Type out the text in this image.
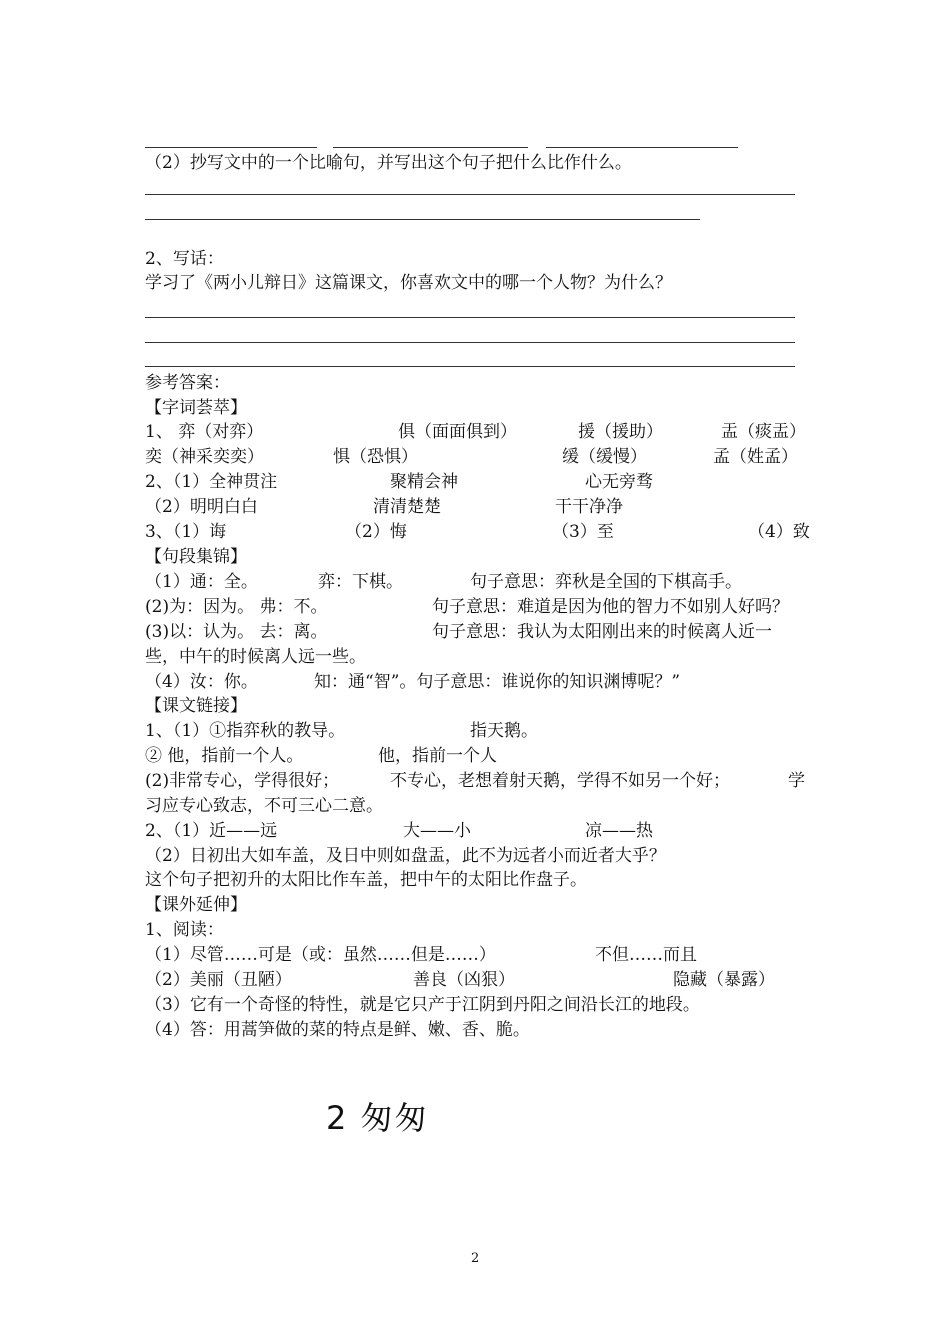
（2）抄写文中的一个比喻句，并写出这个句子把什么比作什么。
2、写话：
学习了《两小儿辩日》这篇课文，你喜欢文中的哪一个人物？为什么？
参考答案：
【字词荟萃】
1、 弈（对弈）	俱（面面俱到）	援（援助）	盂（痰盂）
奕（神采奕奕）	惧（恐惧）	缓（缓慢）	孟（姓孟）
2、（1）全神贯注	聚精会神	心无旁骛
（2）明明白白	清清楚楚	干干净净
3、（1）诲	（2）悔	（3）至	（4）致
【句段集锦】
（1）通：全。	弈：下棋。	句子意思：弈秋是全国的下棋高手。
(2)为：因为。 弗：不。	句子意思：难道是因为他的智力不如别人好吗？
(3)以：认为。 去：离。	句子意思：我认为太阳刚出来的时候离人近一
些，中午的时候离人远一些。
（4）汝：你。	知：通“智”。句子意思：谁说你的知识渊博呢？”
【课文链接】
1、（1）①指弈秋的教导。	指天鹅。
② 他，指前一个人。	他，指前一个人
(2)非常专心，学得很好；	不专心，老想着射天鹅，学得不如另一个好；	学
习应专心致志，不可三心二意。
2、（1）近——远	大——小	凉——热
（2）日初出大如车盖，及日中则如盘盂，此不为远者小而近者大乎？
这个句子把初升的太阳比作车盖，把中午的太阳比作盘子。
【课外延伸】
1、阅读：
（1）尽管……可是（或：虽然……但是……）	不但……而且
（2）美丽（丑陋）	善良（凶狠）	隐藏（暴露）
（3）它有一个奇怪的特性，就是它只产于江阴到丹阳之间沿长江的地段。
（4）答：用蒿笋做的菜的特点是鲜、嫩、香、脆。
2 匆匆
2
